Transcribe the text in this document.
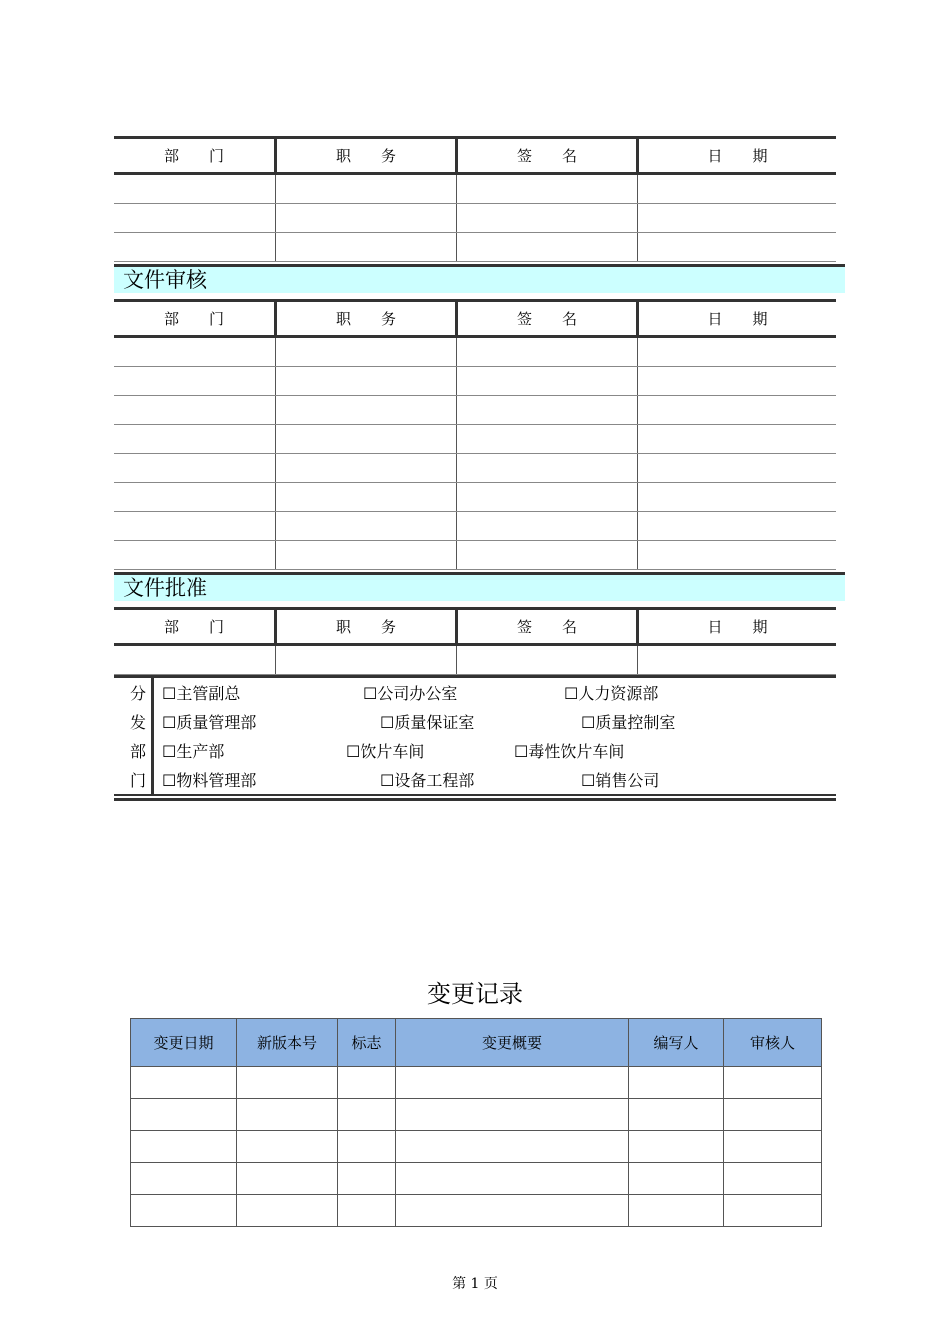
部　　门	职　　务	签　　名	日　　期

文件审核
部　　门	职　　务	签　　名	日　　期

文件批准
部　　门	职　　务	签　　名	日　　期

分
发
部
门
☐主管副总	☐公司办公室	☐人力资源部
☐质量管理部	☐质量保证室	☐质量控制室
☐生产部	☐饮片车间	☐毒性饮片车间
☐物料管理部	☐设备工程部	☐销售公司
变更记录
变更日期	新版本号	标志	变更概要	编写人	审核人

第 1 页
